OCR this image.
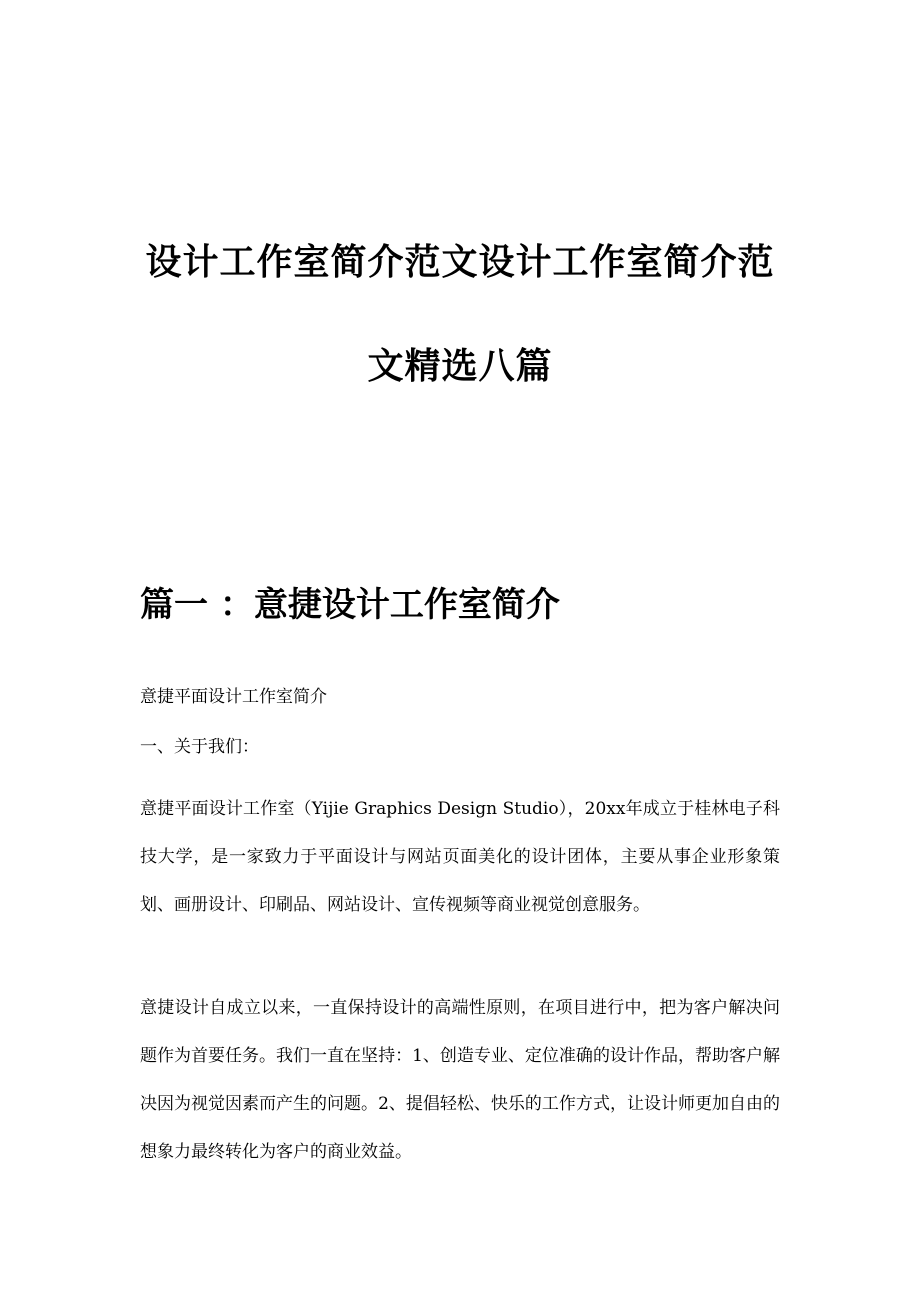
设计工作室简介范文设计工作室简介范文精选八篇
篇一 ：意捷设计工作室简介

意捷平面设计工作室简介

一、关于我们：

意捷平面设计工作室（Yijie Graphics Design Studio），20xx年成立于桂林电子科技大学，是一家致力于平面设计与网站页面美化的设计团体，主要从事企业形象策划、画册设计、印刷品、网站设计、宣传视频等商业视觉创意服务。

意捷设计自成立以来，一直保持设计的高端性原则，在项目进行中，把为客户解决问题作为首要任务。我们一直在坚持：1、创造专业、定位准确的设计作品，帮助客户解决因为视觉因素而产生的问题。2、提倡轻松、快乐的工作方式，让设计师更加自由的想象力最终转化为客户的商业效益。
